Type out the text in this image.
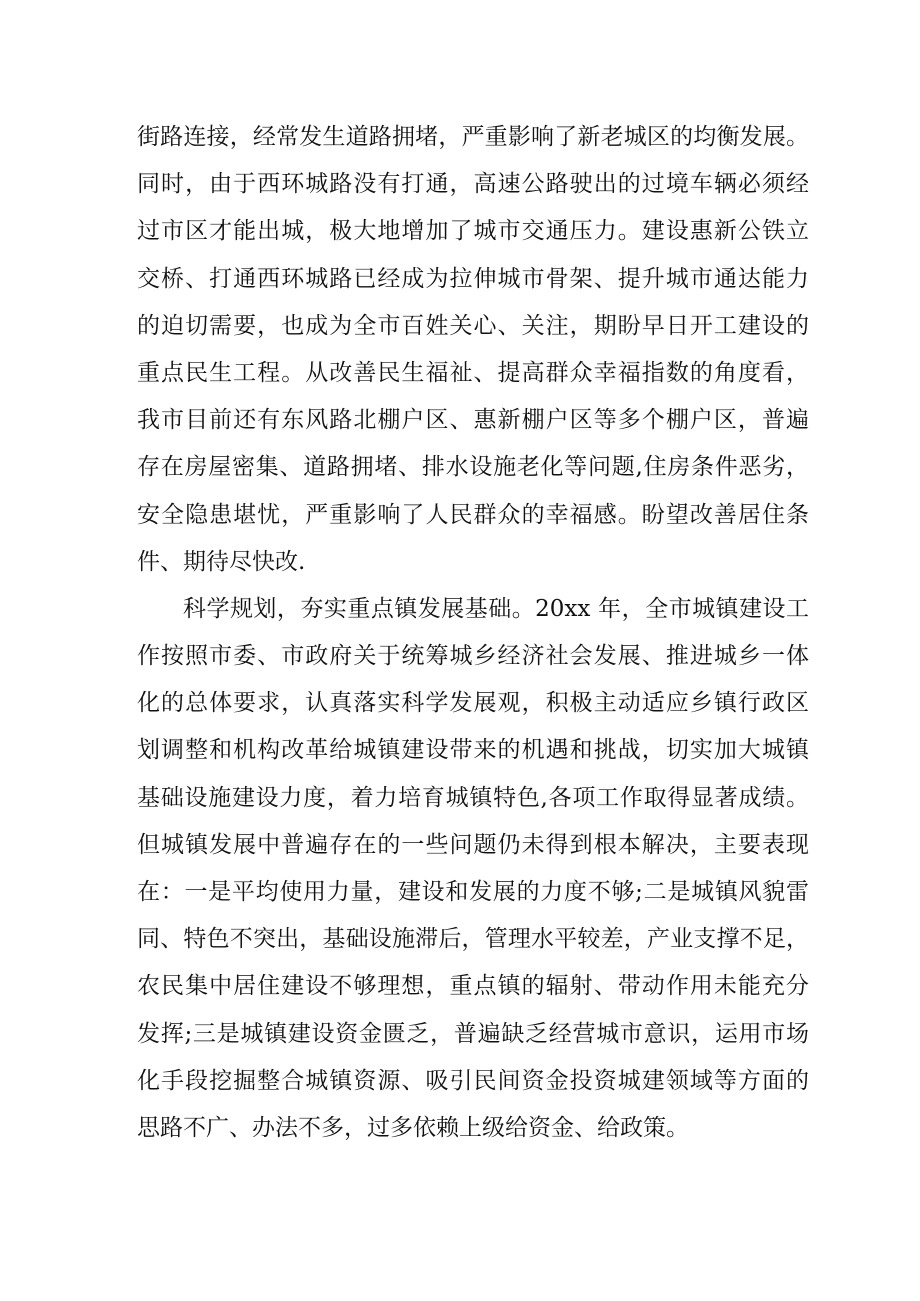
街路连接，经常发生道路拥堵，严重影响了新老城区的均衡发展。
同时，由于西环城路没有打通，高速公路驶出的过境车辆必须经
过市区才能出城，极大地增加了城市交通压力。建设惠新公铁立
交桥、打通西环城路已经成为拉伸城市骨架、提升城市通达能力
的迫切需要，也成为全市百姓关心、关注，期盼早日开工建设的
重点民生工程。从改善民生福祉、提高群众幸福指数的角度看，
我市目前还有东风路北棚户区、惠新棚户区等多个棚户区，普遍
存在房屋密集、道路拥堵、排水设施老化等问题,住房条件恶劣，
安全隐患堪忧，严重影响了人民群众的幸福感。盼望改善居住条
件、期待尽快改.
科学规划，夯实重点镇发展基础。20xx 年，全市城镇建设工
作按照市委、市政府关于统筹城乡经济社会发展、推进城乡一体
化的总体要求，认真落实科学发展观，积极主动适应乡镇行政区
划调整和机构改革给城镇建设带来的机遇和挑战，切实加大城镇
基础设施建设力度，着力培育城镇特色,各项工作取得显著成绩。
但城镇发展中普遍存在的一些问题仍未得到根本解决，主要表现
在：一是平均使用力量，建设和发展的力度不够;二是城镇风貌雷
同、特色不突出，基础设施滞后，管理水平较差，产业支撑不足，
农民集中居住建设不够理想，重点镇的辐射、带动作用未能充分
发挥;三是城镇建设资金匮乏，普遍缺乏经营城市意识，运用市场
化手段挖掘整合城镇资源、吸引民间资金投资城建领域等方面的
思路不广、办法不多，过多依赖上级给资金、给政策。
